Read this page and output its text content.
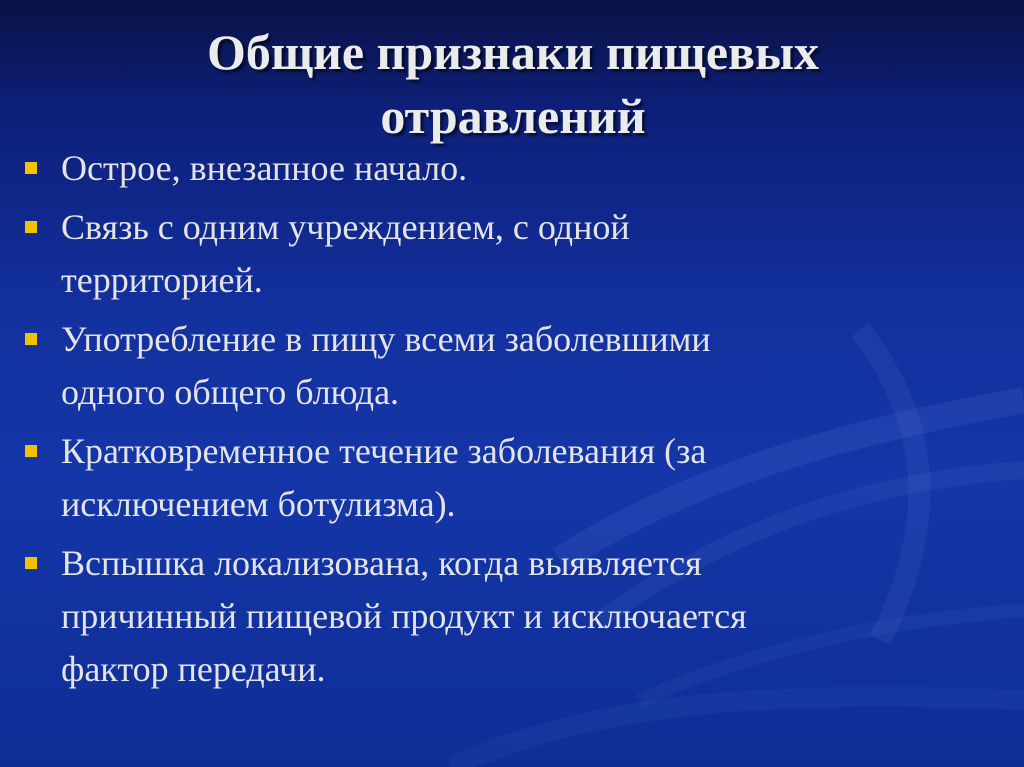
Общие признаки пищевых
отравлений
Острое, внезапное начало.
Связь с одним учреждением, с одной
территорией.
Употребление в пищу всеми заболевшими
одного общего блюда.
Кратковременное течение заболевания (за
исключением ботулизма).
Вспышка локализована, когда выявляется
причинный пищевой продукт и исключается
фактор передачи.
